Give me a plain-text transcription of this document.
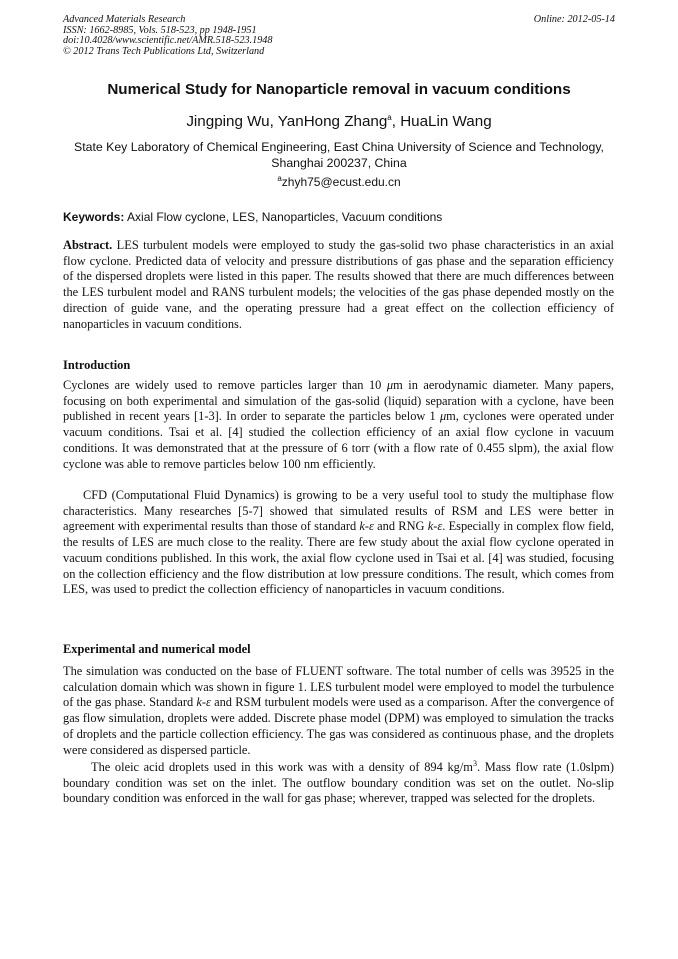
Advanced Materials Research
ISSN: 1662-8985, Vols. 518-523, pp 1948-1951
doi:10.4028/www.scientific.net/AMR.518-523.1948
© 2012 Trans Tech Publications Ltd, Switzerland
Online: 2012-05-14
Numerical Study for Nanoparticle removal in vacuum conditions
Jingping Wu, YanHong Zhang$^a$, HuaLin Wang
State Key Laboratory of Chemical Engineering, East China University of Science and Technology,
Shanghai 200237, China
$^a$zhyh75@ecust.edu.cn
Keywords: Axial Flow cyclone, LES, Nanoparticles, Vacuum conditions
Abstract. LES turbulent models were employed to study the gas-solid two phase characteristics in an axial flow cyclone. Predicted data of velocity and pressure distributions of gas phase and the separation efficiency of the dispersed droplets were listed in this paper. The results showed that there are much differences between the LES turbulent model and RANS turbulent models; the velocities of the gas phase depended mostly on the direction of guide vane, and the operating pressure had a great effect on the collection efficiency of nanoparticles in vacuum conditions.
Introduction
Cyclones are widely used to remove particles larger than 10 μm in aerodynamic diameter. Many papers, focusing on both experimental and simulation of the gas-solid (liquid) separation with a cyclone, have been published in recent years [1-3]. In order to separate the particles below 1 μm, cyclones were operated under vacuum conditions. Tsai et al. [4] studied the collection efficiency of an axial flow cyclone in vacuum conditions. It was demonstrated that at the pressure of 6 torr (with a flow rate of 0.455 slpm), the axial flow cyclone was able to remove particles below 100 nm efficiently.
CFD (Computational Fluid Dynamics) is growing to be a very useful tool to study the multiphase flow characteristics. Many researches [5-7] showed that simulated results of RSM and LES were better in agreement with experimental results than those of standard k-ε and RNG k-ε. Especially in complex flow field, the results of LES are much close to the reality. There are few study about the axial flow cyclone operated in vacuum conditions published. In this work, the axial flow cyclone used in Tsai et al. [4] was studied, focusing on the collection efficiency and the flow distribution at low pressure conditions. The result, which comes from LES, was used to predict the collection efficiency of nanoparticles in vacuum conditions.
Experimental and numerical model
The simulation was conducted on the base of FLUENT software. The total number of cells was 39525 in the calculation domain which was shown in figure 1. LES turbulent model were employed to model the turbulence of the gas phase. Standard k-ε and RSM turbulent models were used as a comparison. After the convergence of gas flow simulation, droplets were added. Discrete phase model (DPM) was employed to simulation the tracks of droplets and the particle collection efficiency. The gas was considered as continuous phase, and the droplets were considered as dispersed particle.
The oleic acid droplets used in this work was with a density of 894 $kg/m^3$. Mass flow rate (1.0slpm) boundary condition was set on the inlet. The outflow boundary condition was set on the outlet. No-slip boundary condition was enforced in the wall for gas phase; wherever, trapped was selected for the droplets.
